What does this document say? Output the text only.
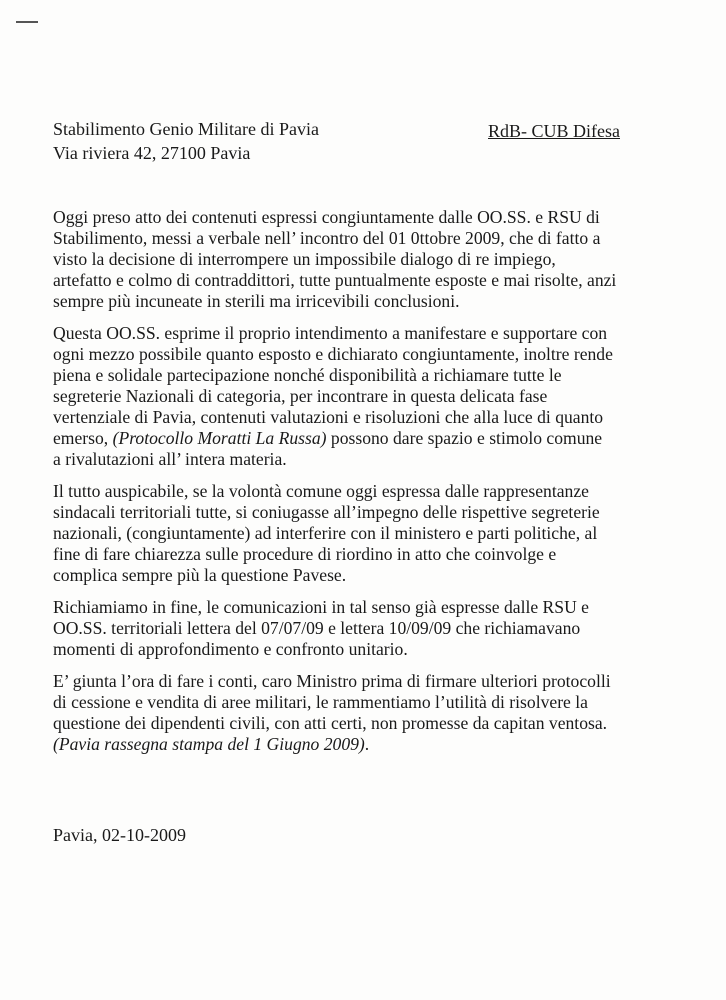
Stabilimento Genio Militare di Pavia
Via riviera 42, 27100 Pavia
RdB- CUB Difesa
Oggi preso atto dei contenuti espressi congiuntamente dalle OO.SS. e RSU di
Stabilimento, messi a verbale nell’ incontro del 01 0ttobre 2009, che di fatto a
visto la decisione di interrompere un impossibile dialogo di re impiego,
artefatto e colmo di contraddittori, tutte puntualmente esposte e mai risolte, anzi
sempre più incuneate in sterili ma irricevibili conclusioni.
Questa OO.SS. esprime il proprio intendimento a manifestare e supportare con
ogni mezzo possibile quanto esposto e dichiarato congiuntamente, inoltre rende
piena e solidale partecipazione nonché disponibilità a richiamare tutte le
segreterie Nazionali di categoria, per incontrare in questa delicata fase
vertenziale di Pavia, contenuti valutazioni e risoluzioni che alla luce di quanto
emerso, (Protocollo Moratti La Russa) possono dare spazio e stimolo comune
a rivalutazioni all’ intera materia.
Il tutto auspicabile, se la volontà comune oggi espressa dalle rappresentanze
sindacali territoriali tutte, si coniugasse all’impegno delle rispettive segreterie
nazionali, (congiuntamente) ad interferire con il ministero e parti politiche, al
fine di fare chiarezza sulle procedure di riordino in atto che coinvolge e
complica sempre più la questione Pavese.
Richiamiamo in fine, le comunicazioni in tal senso già espresse dalle RSU e
OO.SS. territoriali lettera del 07/07/09 e lettera 10/09/09 che richiamavano
momenti di approfondimento e confronto unitario.
E’ giunta l’ora di fare i conti, caro Ministro prima di firmare ulteriori protocolli
di cessione e vendita di aree militari, le rammentiamo l’utilità di risolvere la
questione dei dipendenti civili, con atti certi, non promesse da capitan ventosa.
(Pavia rassegna stampa del 1 Giugno 2009).
Pavia, 02-10-2009
